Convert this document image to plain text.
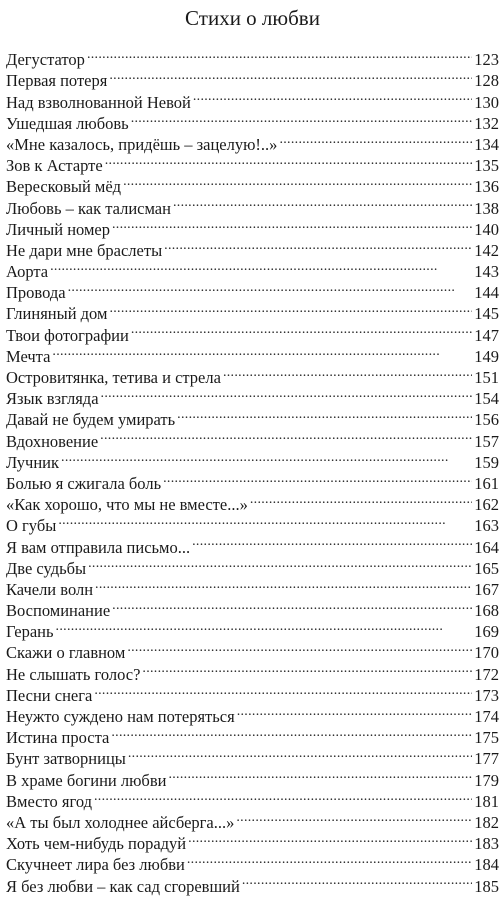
Стихи о любви
Дегустатор . . .	123
Первая потеря . . .	128
Над взволнованной Невой . . .	130
Ушедшая любовь . . .	132
«Мне казалось, придёшь – зацелую!..» . . .	134
Зов к Астарте . . .	135
Вересковый мёд . . .	136
Любовь – как талисман . . .	138
Личный номер . . .	140
Не дари мне браслеты . . .	142
Аорта . . .	143
Провода . . .	144
Глиняный дом . . .	145
Твои фотографии . . .	147
Мечта . . .	149
Островитянка, тетива и стрела . . .	151
Язык взгляда . . .	154
Давай не будем умирать . . .	156
Вдохновение . . .	157
Лучник . . .	159
Болью я сжигала боль . . .	161
«Как хорошо, что мы не вместе...» . . .	162
О губы . . .	163
Я вам отправила письмо... . . .	164
Две судьбы . . .	165
Качели волн . . .	167
Воспоминание . . .	168
Герань . . .	169
Скажи о главном . . .	170
Не слышать голос? . . .	172
Песни снега . . .	173
Неужто суждено нам потеряться . . .	174
Истина проста . . .	175
Бунт затворницы . . .	177
В храме богини любви . . .	179
Вместо ягод . . .	181
«А ты был холоднее айсберга...» . . .	182
Хоть чем-нибудь порадуй . . .	183
Скучнеет лира без любви . . .	184
Я без любви – как сад сгоревший . . .	185
